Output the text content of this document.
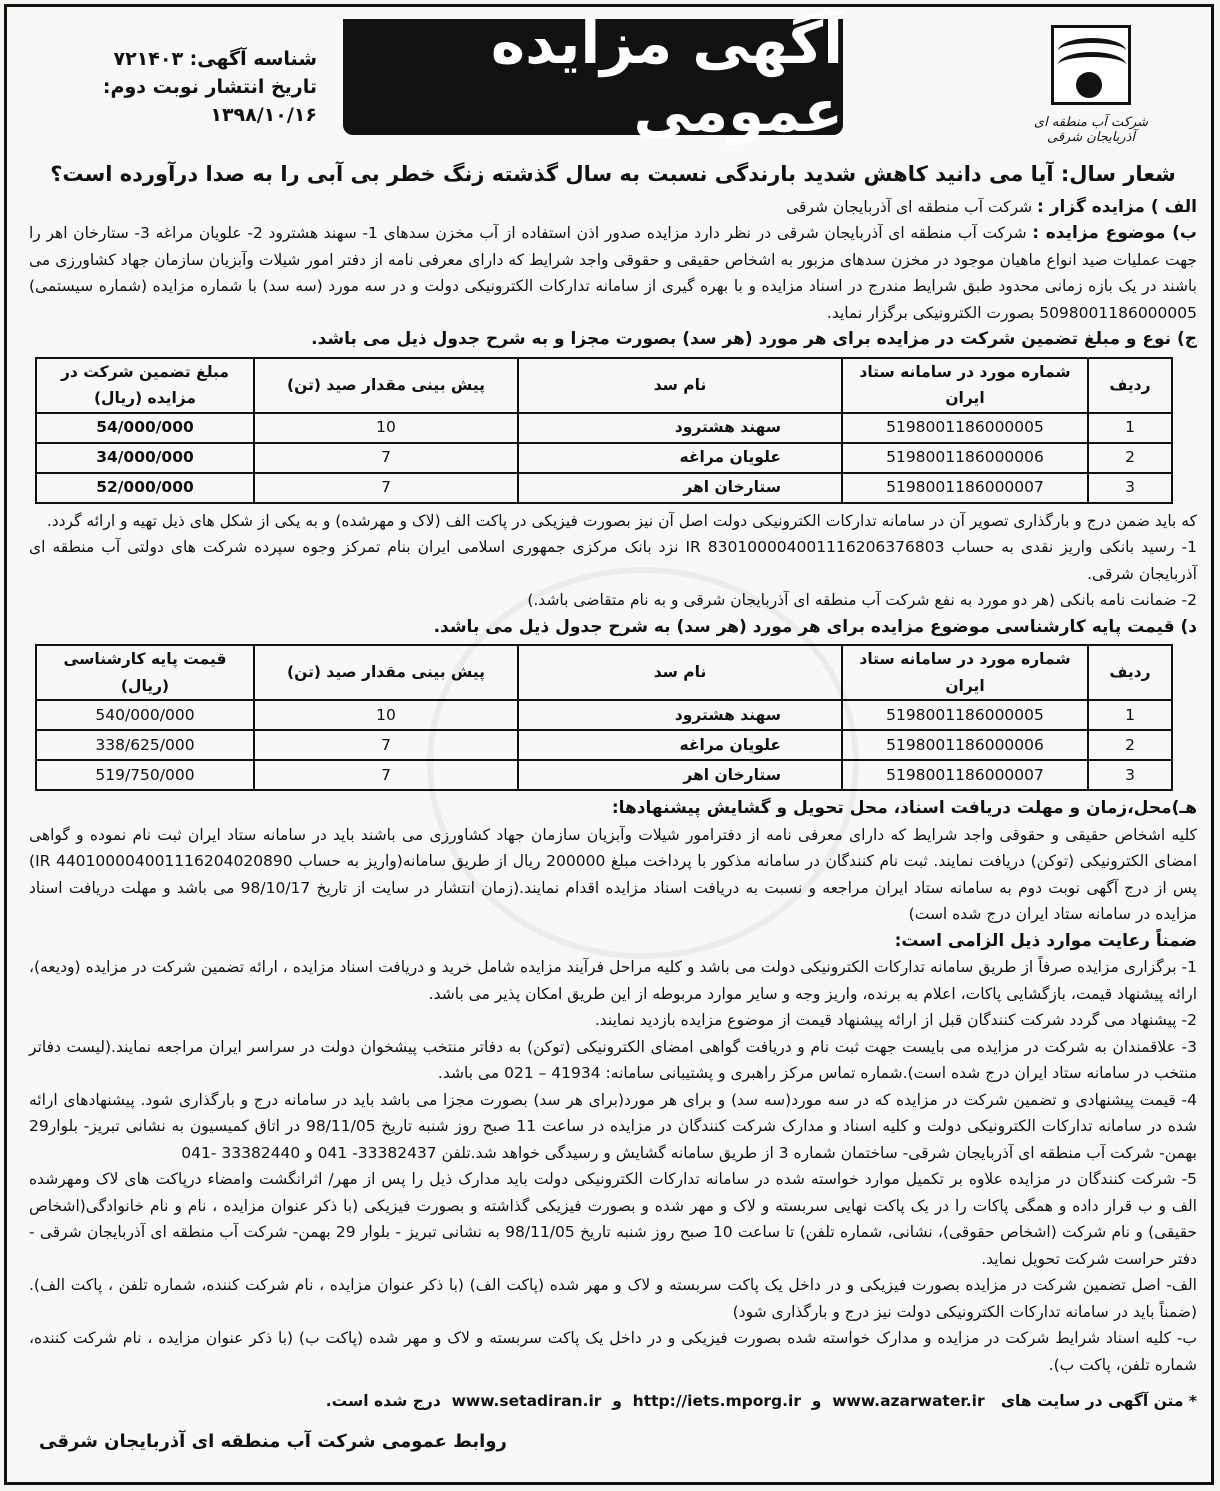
شرکت آب منطقه ای آذربایجان شرقی
آگهی مزایده عمومی
شناسه آگهی: ۷۲۱۴۰۳
تاریخ انتشار نوبت دوم: ۱۳۹۸/۱۰/۱۶
شعار سال: آیا می دانید کاهش شدید بارندگی نسبت به سال گذشته زنگ خطر بی آبی را به صدا درآورده است؟

الف ) مزایده گزار : شرکت آب منطقه ای آذربایجان شرقی

ب) موضوع مزایده : شرکت آب منطقه ای آذربایجان شرقی در نظر دارد مزایده صدور اذن استفاده از آب مخزن سدهای 1- سهند هشترود 2- علویان مراغه 3- ستارخان اهر را جهت عملیات صید انواع ماهیان موجود در مخزن سدهای مزبور به اشخاص حقیقی و حقوقی واجد شرایط که دارای معرفی نامه از دفتر امور شیلات وآبزیان سازمان جهاد کشاورزی می باشند در یک بازه زمانی محدود طبق شرایط مندرج در اسناد مزایده و با بهره گیری از سامانه تدارکات الکترونیکی دولت و در سه مورد (سه سد) با شماره مزایده (شماره سیستمی) 5098001186000005 بصورت الکترونیکی برگزار نماید.

ج) نوع و مبلغ تضمین شرکت در مزایده برای هر مورد (هر سد) بصورت مجزا و به شرح جدول ذیل می باشد.

ردیف	شماره مورد در سامانه ستاد ایران	نام سد	پیش بینی مقدار صید (تن)	مبلغ تضمین شرکت در مزایده (ریال)
1	5198001186000005	سهند هشترود	10	54/000/000
2	5198001186000006	علویان مراغه	7	34/000/000
3	5198001186000007	ستارخان اهر	7	52/000/000

که باید ضمن درج و بارگذاری تصویر آن در سامانه تدارکات الکترونیکی دولت اصل آن نیز بصورت فیزیکی در پاکت الف (لاک و مهرشده) و به یکی از شکل های ذیل تهیه و ارائه گردد.

1- رسید بانکی واریز نقدی به حساب IR 830100004001116206376803 نزد بانک مرکزی جمهوری اسلامی ایران بنام تمرکز وجوه سپرده شرکت های دولتی آب منطقه ای آذربایجان شرقی.

2- ضمانت نامه بانکی (هر دو مورد به نفع شرکت آب منطقه ای آذربایجان شرقی و به نام متقاضی باشد.)

د) قیمت پایه کارشناسی موضوع مزایده برای هر مورد (هر سد) به شرح جدول ذیل می باشد.

ردیف	شماره مورد در سامانه ستاد ایران	نام سد	پیش بینی مقدار صید (تن)	قیمت پایه کارشناسی (ریال)
1	5198001186000005	سهند هشترود	10	540/000/000
2	5198001186000006	علویان مراغه	7	338/625/000
3	5198001186000007	ستارخان اهر	7	519/750/000

هـ)محل،زمان و مهلت دریافت اسناد، محل تحویل و گشایش پیشنهادها:

کلیه اشخاص حقیقی و حقوقی واجد شرایط که دارای معرفی نامه از دفترامور شیلات وآبزیان سازمان جهاد کشاورزی می باشند باید در سامانه ستاد ایران ثبت نام نموده و گواهی امضای الکترونیکی (توکن) دریافت نمایند. ثبت نام کنندگان در سامانه مذکور با پرداخت مبلغ 200000 ریال از طریق سامانه(واریز به حساب IR 440100004001116204020890) پس از درج آگهی نوبت دوم به سامانه ستاد ایران مراجعه و نسبت به دریافت اسناد مزایده اقدام نمایند.(زمان انتشار در سایت از تاریخ 98/10/17 می باشد و مهلت دریافت اسناد مزایده در سامانه ستاد ایران درج شده است)

ضمناً رعایت موارد ذیل الزامی است:

1- برگزاری مزایده صرفاً از طریق سامانه تدارکات الکترونیکی دولت می باشد و کلیه مراحل فرآیند مزایده شامل خرید و دریافت اسناد مزایده ، ارائه تضمین شرکت در مزایده (ودیعه)، ارائه پیشنهاد قیمت، بازگشایی پاکات، اعلام به برنده، واریز وجه و سایر موارد مربوطه از این طریق امکان پذیر می باشد.

2- پیشنهاد می گردد شرکت کنندگان قبل از ارائه پیشنهاد قیمت از موضوع مزایده بازدید نمایند.

3- علاقمندان به شرکت در مزایده می بایست جهت ثبت نام و دریافت گواهی امضای الکترونیکی (توکن) به دفاتر منتخب پیشخوان دولت در سراسر ایران مراجعه نمایند.(لیست دفاتر منتخب در سامانه ستاد ایران درج شده است).شماره تماس مرکز راهبری و پشتیبانی سامانه: 41934 – 021 می باشد.

4- قیمت پیشنهادی و تضمین شرکت در مزایده که در سه مورد(سه سد) و برای هر مورد(برای هر سد) بصورت مجزا می باشد باید در سامانه درج و بارگذاری شود. پیشنهادهای ارائه شده در سامانه تدارکات الکترونیکی دولت و کلیه اسناد و مدارک شرکت کنندگان در مزایده در ساعت 11 صبح روز شنبه تاریخ 98/11/05 در اتاق کمیسیون به نشانی تبریز- بلوار29 بهمن- شرکت آب منطقه ای آذربایجان شرقی- ساختمان شماره 3 از طریق سامانه گشایش و رسیدگی خواهد شد.تلفن 33382437- 041 و 33382440 -041

5- شرکت کنندگان در مزایده علاوه بر تکمیل موارد خواسته شده در سامانه تدارکات الکترونیکی دولت باید مدارک ذیل را پس از مهر/ اثرانگشت وامضاء درپاکت های لاک ومهرشده الف و ب قرار داده و همگی پاکات را در یک پاکت نهایی سربسته و لاک و مهر شده و بصورت فیزیکی گذاشته و بصورت فیزیکی (با ذکر عنوان مزایده ، نام و نام خانوادگی(اشخاص حقیقی) و نام شرکت (اشخاص حقوقی)، نشانی، شماره تلفن) تا ساعت 10 صبح روز شنبه تاریخ 98/11/05 به نشانی تبریز - بلوار 29 بهمن- شرکت آب منطقه ای آذربایجان شرقی - دفتر حراست شرکت تحویل نماید.

الف- اصل تضمین شرکت در مزایده بصورت فیزیکی و در داخل یک پاکت سربسته و لاک و مهر شده (پاکت الف) (با ذکر عنوان مزایده ، نام شرکت کننده، شماره تلفن ، پاکت الف). (ضمناً باید در سامانه تدارکات الکترونیکی دولت نیز درج و بارگذاری شود)

ب- کلیه اسناد شرایط شرکت در مزایده و مدارک خواسته شده بصورت فیزیکی و در داخل یک پاکت سربسته و لاک و مهر شده (پاکت ب) (با ذکر عنوان مزایده ، نام شرکت کننده، شماره تلفن، پاکت ب).

* متن آگهی در سایت های   www.azarwater.ir  و  http://iets.mporg.ir  و  www.setadiran.ir  درج شده است.

روابط عمومی شرکت آب منطقه ای آذربایجان شرقی
